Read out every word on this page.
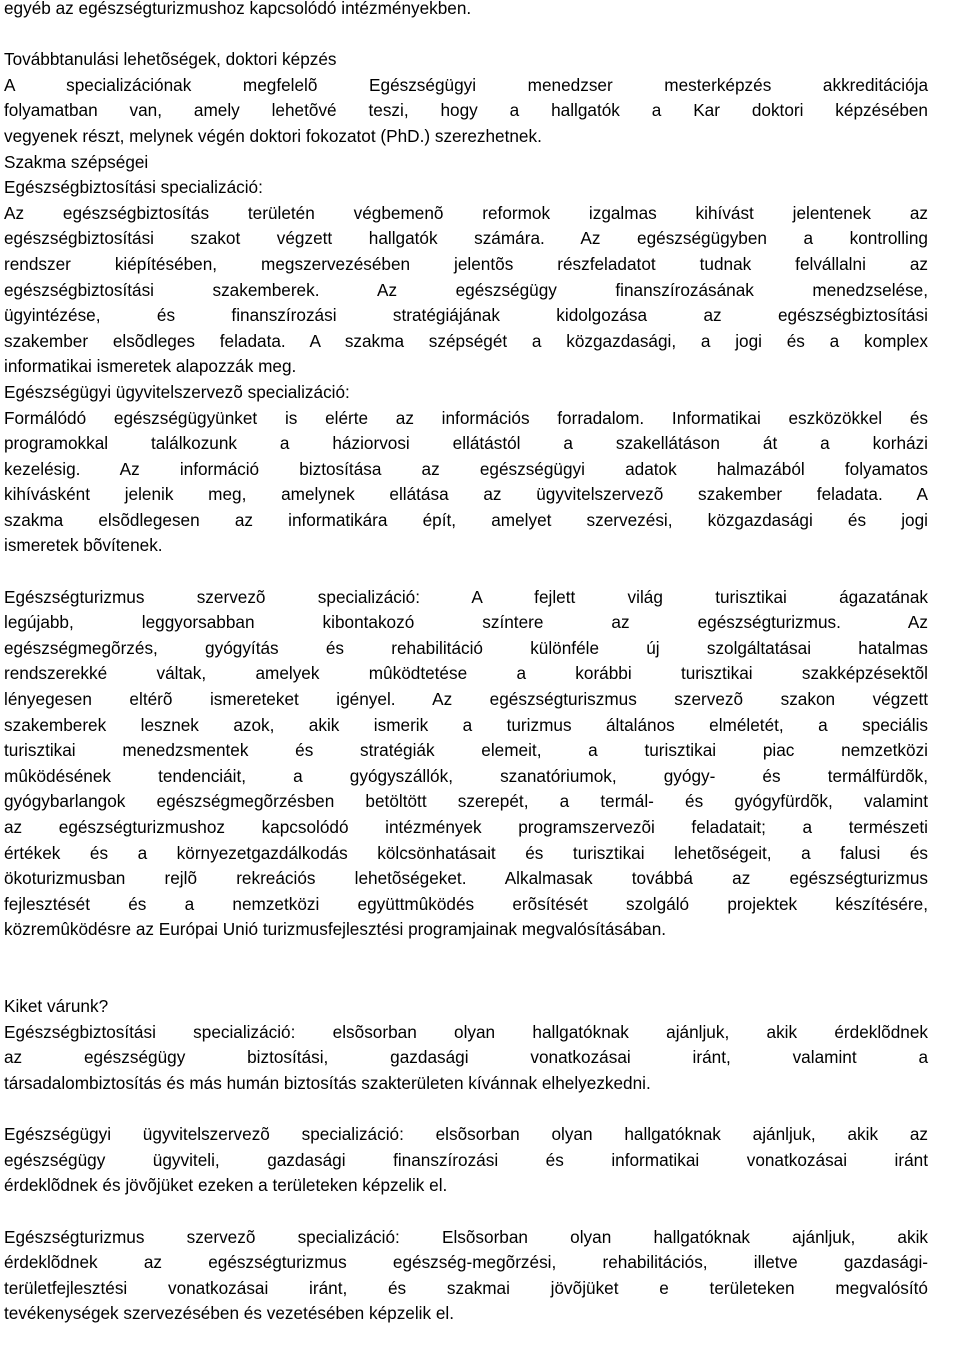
egyéb az egészségturizmushoz kapcsolódó intézményekben.

Továbbtanulási lehetõségek, doktori képzés

A specializációnak megfelelõ Egészségügyi menedzser mesterképzés akkreditációja

folyamatban van, amely lehetõvé teszi, hogy a hallgatók a Kar doktori képzésében

vegyenek részt, melynek végén doktori fokozatot (PhD.) szerezhetnek.

Szakma szépségei

Egészségbiztosítási specializáció:

Az egészségbiztosítás területén végbemenõ reformok izgalmas kihívást jelentenek az

egészségbiztosítási szakot végzett hallgatók számára. Az egészségügyben a kontrolling

rendszer kiépítésében, megszervezésében jelentõs részfeladatot tudnak felvállalni az

egészségbiztosítási szakemberek. Az egészségügy finanszírozásának menedzselése,

ügyintézése, és finanszírozási stratégiájának kidolgozása az egészségbiztosítási

szakember elsõdleges feladata. A szakma szépségét a közgazdasági, a jogi és a komplex

informatikai ismeretek alapozzák meg.

Egészségügyi ügyvitelszervezõ specializáció:

Formálódó egészségügyünket is elérte az információs forradalom. Informatikai eszközökkel és

programokkal találkozunk a háziorvosi ellátástól a szakellátáson át a korházi

kezelésig. Az információ biztosítása az egészségügyi adatok halmazából folyamatos

kihívásként jelenik meg, amelynek ellátása az ügyvitelszervezõ szakember feladata. A

szakma elsõdlegesen az informatikára épít, amelyet szervezési, közgazdasági és jogi

ismeretek bõvítenek.

Egészségturizmus szervezõ specializáció: A fejlett világ turisztikai ágazatának

legújabb, leggyorsabban kibontakozó színtere az egészségturizmus. Az

egészségmegõrzés, gyógyítás és rehabilitáció különféle új szolgáltatásai hatalmas

rendszerekké váltak, amelyek mûködtetése a korábbi turisztikai szakképzésektõl

lényegesen eltérõ ismereteket igényel. Az egészségturiszmus szervezõ szakon végzett

szakemberek lesznek azok, akik ismerik a turizmus általános elméletét, a speciális

turisztikai menedzsmentek és stratégiák elemeit, a turisztikai piac nemzetközi

mûködésének tendenciáit, a gyógyszállók, szanatóriumok, gyógy- és termálfürdõk,

gyógybarlangok egészségmegõrzésben betöltött szerepét, a termál- és gyógyfürdõk, valamint

az egészségturizmushoz kapcsolódó intézmények programszervezõi feladatait; a természeti

értékek és a környezetgazdálkodás kölcsönhatásait és turisztikai lehetõségeit, a falusi és

ökoturizmusban rejlõ rekreációs lehetõségeket. Alkalmasak továbbá az egészségturizmus

fejlesztését és a nemzetközi együttmûködés erõsítését szolgáló projektek készítésére,

közremûködésre az Európai Unió turizmusfejlesztési programjainak megvalósításában.

Kiket várunk?

Egészségbiztosítási specializáció: elsõsorban olyan hallgatóknak ajánljuk, akik érdeklõdnek

az egészségügy biztosítási, gazdasági vonatkozásai iránt, valamint a

társadalombiztosítás és más humán biztosítás szakterületen kívánnak elhelyezkedni.

Egészségügyi ügyvitelszervezõ specializáció: elsõsorban olyan hallgatóknak ajánljuk, akik az

egészségügy ügyviteli, gazdasági finanszírozási és informatikai vonatkozásai iránt

érdeklõdnek és jövõjüket ezeken a területeken képzelik el.

Egészségturizmus szervezõ specializáció: Elsõsorban olyan hallgatóknak ajánljuk, akik

érdeklõdnek az egészségturizmus egészség-megõrzési, rehabilitációs, illetve gazdasági-

területfejlesztési vonatkozásai iránt, és szakmai jövõjüket e területeken megvalósító

tevékenységek szervezésében és vezetésében képzelik el.
